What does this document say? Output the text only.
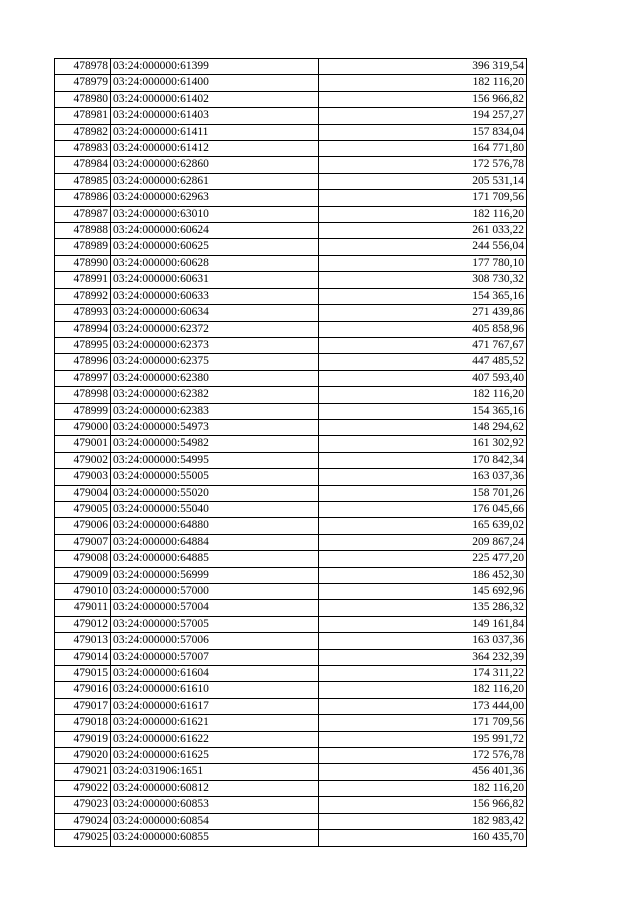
478978	03:24:000000:61399	396 319,54
478979	03:24:000000:61400	182 116,20
478980	03:24:000000:61402	156 966,82
478981	03:24:000000:61403	194 257,27
478982	03:24:000000:61411	157 834,04
478983	03:24:000000:61412	164 771,80
478984	03:24:000000:62860	172 576,78
478985	03:24:000000:62861	205 531,14
478986	03:24:000000:62963	171 709,56
478987	03:24:000000:63010	182 116,20
478988	03:24:000000:60624	261 033,22
478989	03:24:000000:60625	244 556,04
478990	03:24:000000:60628	177 780,10
478991	03:24:000000:60631	308 730,32
478992	03:24:000000:60633	154 365,16
478993	03:24:000000:60634	271 439,86
478994	03:24:000000:62372	405 858,96
478995	03:24:000000:62373	471 767,67
478996	03:24:000000:62375	447 485,52
478997	03:24:000000:62380	407 593,40
478998	03:24:000000:62382	182 116,20
478999	03:24:000000:62383	154 365,16
479000	03:24:000000:54973	148 294,62
479001	03:24:000000:54982	161 302,92
479002	03:24:000000:54995	170 842,34
479003	03:24:000000:55005	163 037,36
479004	03:24:000000:55020	158 701,26
479005	03:24:000000:55040	176 045,66
479006	03:24:000000:64880	165 639,02
479007	03:24:000000:64884	209 867,24
479008	03:24:000000:64885	225 477,20
479009	03:24:000000:56999	186 452,30
479010	03:24:000000:57000	145 692,96
479011	03:24:000000:57004	135 286,32
479012	03:24:000000:57005	149 161,84
479013	03:24:000000:57006	163 037,36
479014	03:24:000000:57007	364 232,39
479015	03:24:000000:61604	174 311,22
479016	03:24:000000:61610	182 116,20
479017	03:24:000000:61617	173 444,00
479018	03:24:000000:61621	171 709,56
479019	03:24:000000:61622	195 991,72
479020	03:24:000000:61625	172 576,78
479021	03:24:031906:1651	456 401,36
479022	03:24:000000:60812	182 116,20
479023	03:24:000000:60853	156 966,82
479024	03:24:000000:60854	182 983,42
479025	03:24:000000:60855	160 435,70
